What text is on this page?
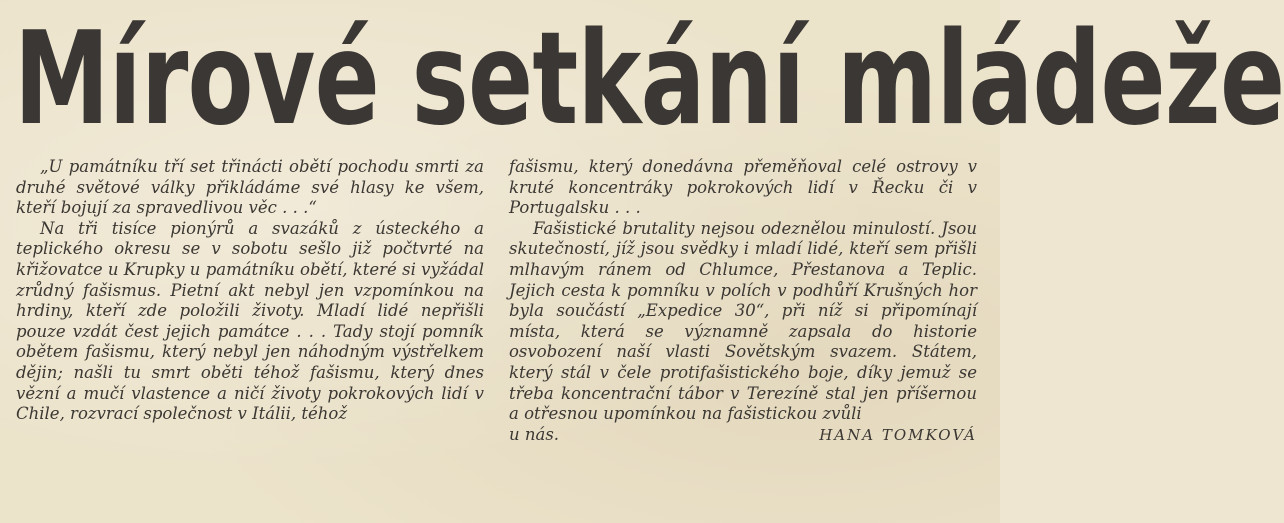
Mírové setkání mládeže

„U památníku tří set třinácti obětí pochodu smrti za druhé světové války přikládáme své hlasy ke všem, kteří bojují za spravedlivou věc . . .“

Na tři tisíce pionýrů a svazáků z ústeckého a teplického okresu se v sobotu sešlo již počtvrté na křižovatce u Krupky u památníku obětí, které si vyžádal zrůdný fašismus. Pietní akt nebyl jen vzpomínkou na hrdiny, kteří zde položili životy. Mladí lidé nepřišli pouze vzdát čest jejich památce . . . Tady stojí pomník obětem fašismu, který nebyl jen náhodným výstřelkem dějin; našli tu smrt oběti téhož fašismu, který dnes vězní a mučí vlastence a ničí životy pokrokových lidí v Chile, rozvrací společnost v Itálii, téhož

fašismu, který donedávna přeměňoval celé ostrovy v kruté koncentráky pokrokových lidí v Řecku či v Portugalsku . . .

Fašistické brutality nejsou odeznělou minulostí. Jsou skutečností, jíž jsou svědky i mladí lidé, kteří sem přišli mlhavým ránem od Chlumce, Přestanova a Teplic. Jejich cesta k pomníku v polích v podhůří Krušných hor byla součástí „Expedice 30“, při níž si připomínají místa, která se významně zapsala do historie osvobození naší vlasti Sovětským svazem. Státem, který stál v čele protifašistického boje, díky jemuž se třeba koncentrační tábor v Terezíně stal jen příšernou a otřesnou upomínkou na fašistickou zvůli

u nás.	HANA TOMKOVÁ
